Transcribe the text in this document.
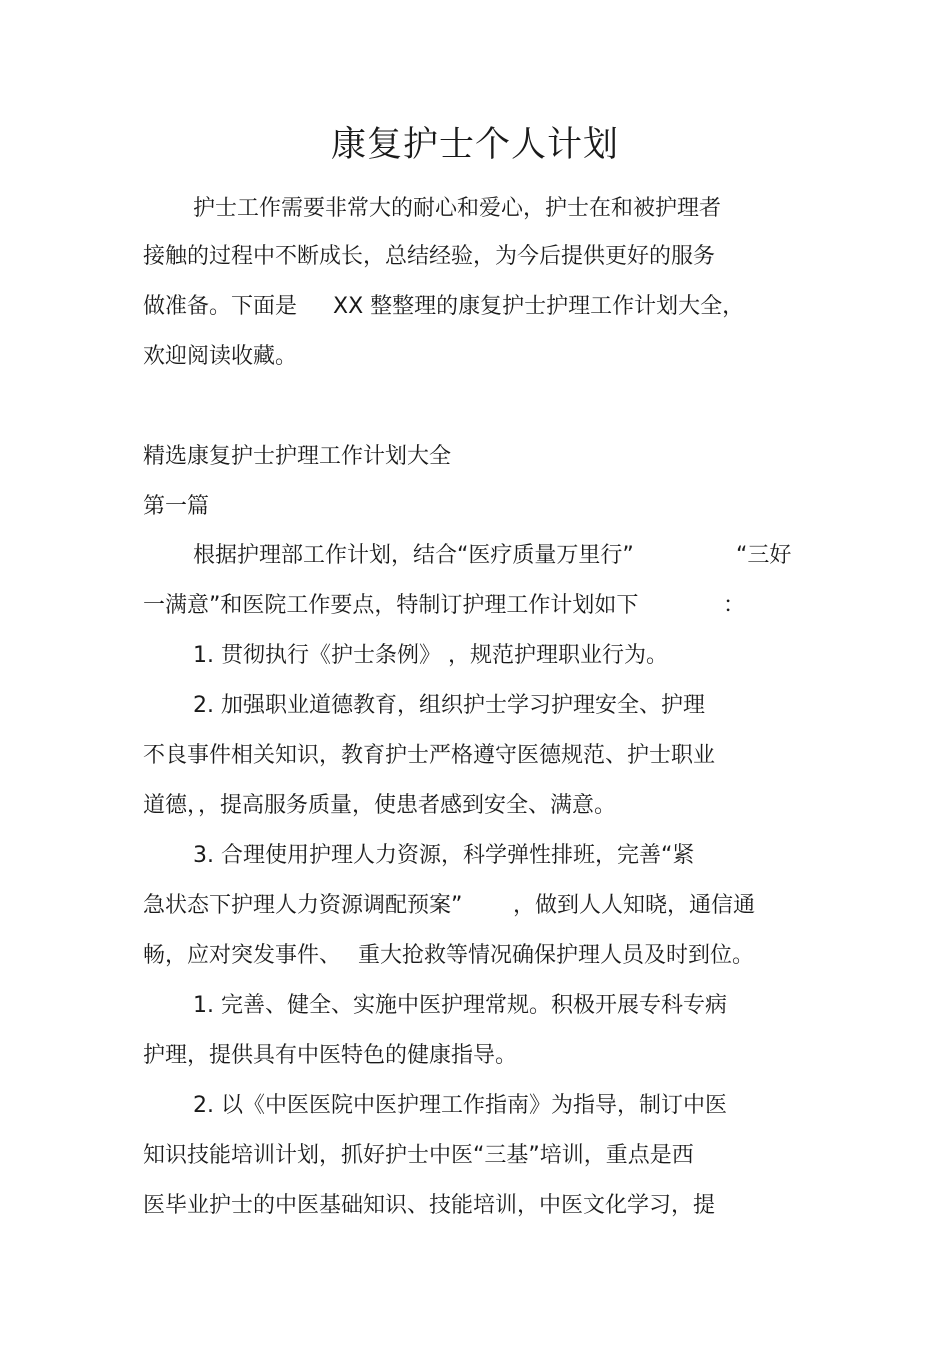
康复护士个人计划
护士工作需要非常大的耐心和爱心，护士在和被护理者
接触的过程中不断成长，总结经验，为今后提供更好的服务
做准备。下面是 XX 整整理的康复护士护理工作计划大全，
欢迎阅读收藏。
精选康复护士护理工作计划大全
第一篇
根据护理部工作计划，结合“医疗质量万里行”	“三好
一满意”和医院工作要点，特制订护理工作计划如下	：
1. 贯彻执行《护士条例》 ，规范护理职业行为。
2. 加强职业道德教育，组织护士学习护理安全、护理
不良事件相关知识，教育护士严格遵守医德规范、护士职业
道德，，提高服务质量，使患者感到安全、满意。
3. 合理使用护理人力资源，科学弹性排班，完善“紧
急状态下护理人力资源调配预案” ，做到人人知晓，通信通
畅，应对突发事件、 重大抢救等情况确保护理人员及时到位。
1. 完善、健全、实施中医护理常规。积极开展专科专病
护理，提供具有中医特色的健康指导。
2. 以《中医医院中医护理工作指南》为指导，制订中医
知识技能培训计划，抓好护士中医“三基”培训，重点是西
医毕业护士的中医基础知识、技能培训，中医文化学习，提
